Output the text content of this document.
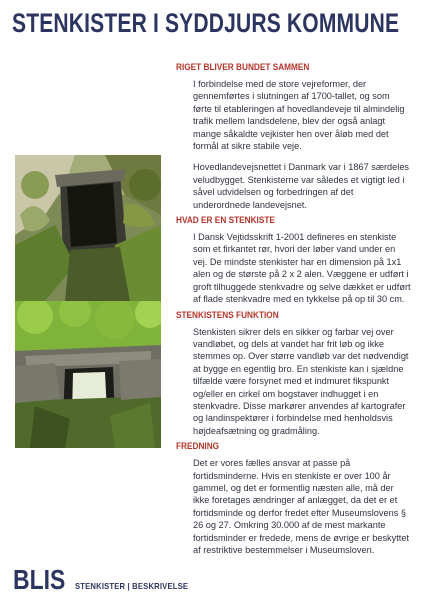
STENKISTER I SYDDJURS KOMMUNE
RIGET BLIVER BUNDET SAMMEN

I forbindelse med de store vejreformer, der gennemførtes i slutningen af 1700-tallet, og som førte til etableringen af hovedlandeveje til almindelig trafik mellem landsdelene, blev der også anlagt mange såkaldte vejkister hen over åløb med det formål at sikre stabile veje.

Hovedlandevejsnettet i Danmark var i 1867 særdeles veludbygget. Stenkisterne var således et vigtigt led i såvel udvidelsen og forbedringen af det underordnede landevejsnet.

HVAD ER EN STENKISTE

I Dansk Vejtidsskrift 1-2001 defineres en stenkiste som et firkantet rør, hvori der løber vand under en vej. De mindste stenkister har en dimension på 1x1 alen og de største på 2 x 2 alen. Væggene er udført i groft tilhuggede stenkvadre og selve dækket er udført af flade stenkvadre med en tykkelse på op til 30 cm.

STENKISTENS FUNKTION

Stenkisten sikrer dels en sikker og farbar vej over vandløbet, og dels at vandet har frit løb og ikke stemmes op. Over større vandløb var det nødvendigt at bygge en egentlig bro. En stenkiste kan i sjældne tilfælde være forsynet med et indmuret fikspunkt og/eller en cirkel om bogstaver indhugget i en stenkvadre. Disse markører anvendes af kartografer og landinspektører i forbindelse med henholdsvis højdeafsætning og gradmåling.

FREDNING

Det er vores fælles ansvar at passe på fortidsminderne. Hvis en stenkiste er over 100 år gammel, og det er formentlig næsten alle, må der ikke foretages ændringer af anlægget, da det er et fortidsminde og derfor fredet efter Museumslovens § 26 og 27. Omkring 30.000 af de mest markante fortidsminder er fredede, mens de øvrige er beskyttet af restriktive bestemmelser i Museumsloven.

BLIS STENKISTER | BESKRIVELSE
